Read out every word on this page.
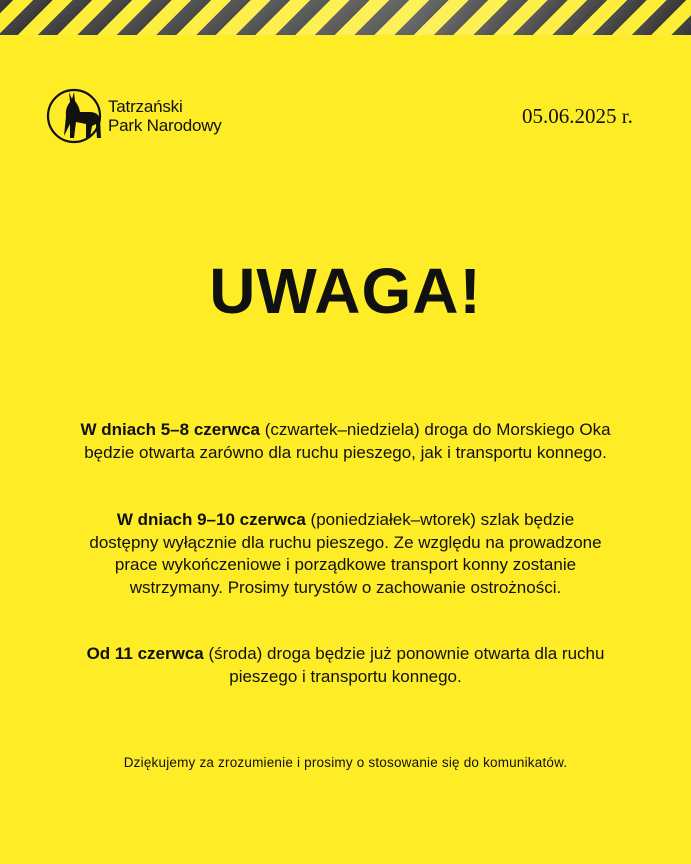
Tatrzański
Park Narodowy	05.06.2025 r.
UWAGA!
W dniach 5–8 czerwca (czwartek–niedziela) droga do Morskiego Oka będzie otwarta zarówno dla ruchu pieszego, jak i transportu konnego.
W dniach 9–10 czerwca (poniedziałek–wtorek) szlak będzie dostępny wyłącznie dla ruchu pieszego. Ze względu na prowadzone prace wykończeniowe i porządkowe transport konny zostanie wstrzymany. Prosimy turystów o zachowanie ostrożności.
Od 11 czerwca (środa) droga będzie już ponownie otwarta dla ruchu pieszego i transportu konnego.
Dziękujemy za zrozumienie i prosimy o stosowanie się do komunikatów.
